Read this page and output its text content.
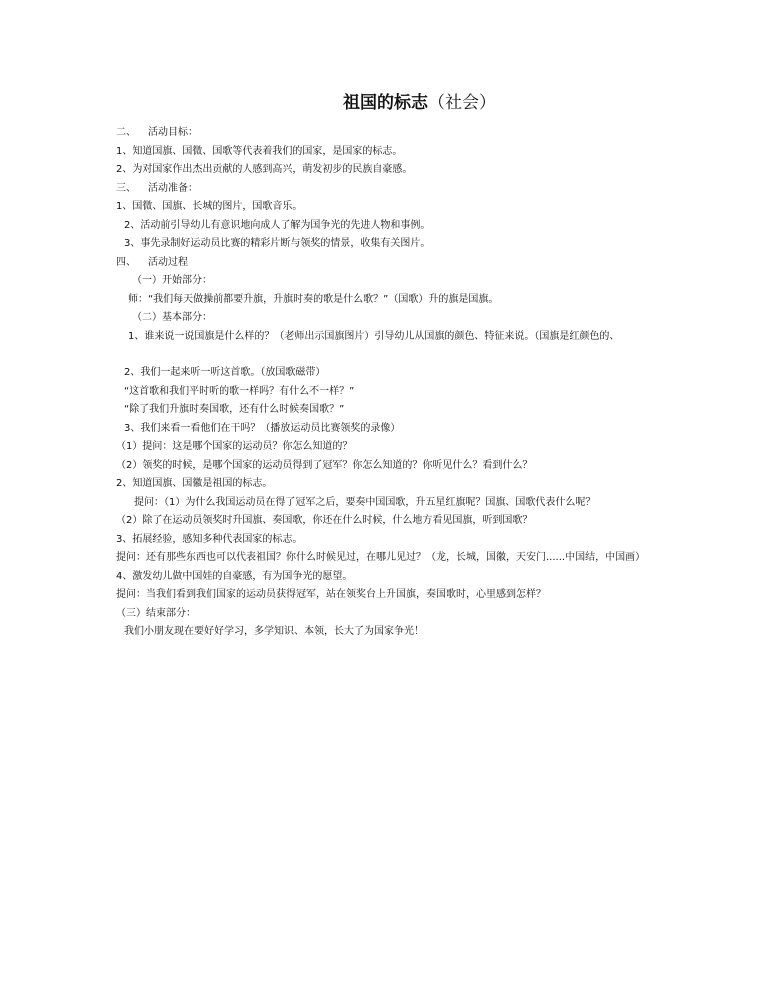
祖国的标志（社会）
二、 活动目标：
1、知道国旗、国微、国歌等代表着我们的国家，是国家的标志。
2、为对国家作出杰出贡献的人感到高兴，萌发初步的民族自豪感。
三、 活动准备：
1、国微、国旗、长城的图片，国歌音乐。
2、活动前引导幼儿有意识地向成人了解为国争光的先进人物和事例。
3、事先录制好运动员比赛的精彩片断与领奖的情景，收集有关图片。
四、 活动过程
（一）开始部分：
师：“我们每天做操前都要升旗，升旗时奏的歌是什么歌？”（国歌）升的旗是国旗。
（二）基本部分：
1、谁来说一说国旗是什么样的？（老师出示国旗图片）引导幼儿从国旗的颜色、特征来说。（国旗是红颜色的、
2、我们一起来听一听这首歌。（放国歌磁带）
“这首歌和我们平时听的歌一样吗？有什么不一样？”
“除了我们升旗时奏国歌，还有什么时候奏国歌？”
3、我们来看一看他们在干吗？（播放运动员比赛领奖的录像）
（1）提问：这是哪个国家的运动员？你怎么知道的？
（2）领奖的时候，是哪个国家的运动员得到了冠军？你怎么知道的？你听见什么？看到什么？
2、知道国旗、国徽是祖国的标志。
提问：（1）为什么我国运动员在得了冠军之后，要奏中国国歌，升五星红旗呢？国旗、国歌代表什么呢？
（2）除了在运动员领奖时升国旗、奏国歌，你还在什么时候，什么地方看见国旗，听到国歌？
3、拓展经验，感知多种代表国家的标志。
提问：还有那些东西也可以代表祖国？你什么时候见过，在哪儿见过？（龙，长城，国徽，天安门......中国结，中国画）
4、激发幼儿做中国娃的自豪感，有为国争光的愿望。
提问：当我们看到我们国家的运动员获得冠军，站在领奖台上升国旗，奏国歌时，心里感到怎样？
（三）结束部分：
我们小朋友现在要好好学习，多学知识、本领，长大了为国家争光！
